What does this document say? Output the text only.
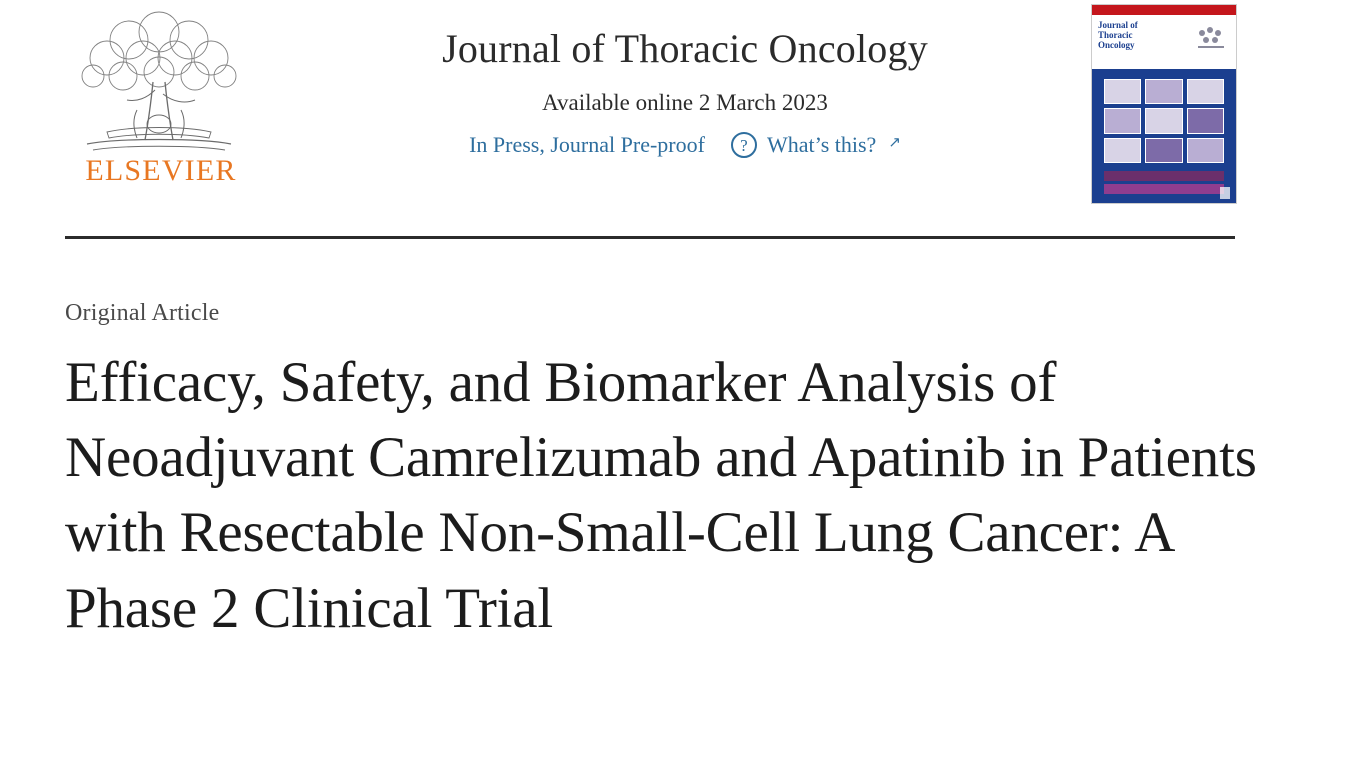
ELSEVIER
Journal of Thoracic Oncology
Available online 2 March 2023
In Press, Journal Pre-proof	? What’s this? ↗
Journal of Thoracic Oncology
Original Article
Efficacy, Safety, and Biomarker Analysis of Neoadjuvant Camrelizumab and Apatinib in Patients with Resectable Non-Small-Cell Lung Cancer: A Phase 2 Clinical Trial
